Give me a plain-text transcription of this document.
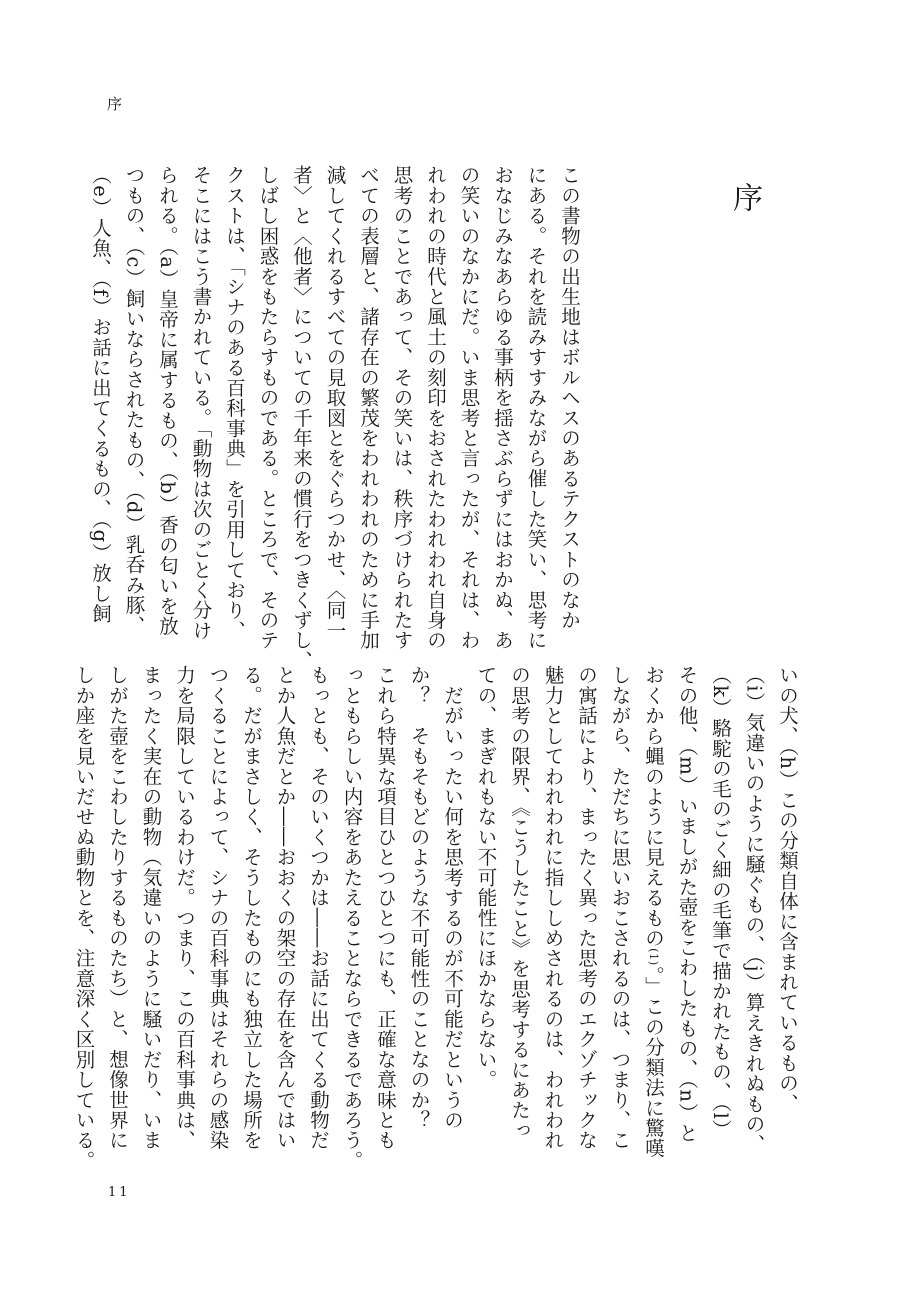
序
序
この書物の出生地はボルヘスのあるテクストのなか
にある。それを読みすすみながら催した笑い、思考に
おなじみなあらゆる事柄を揺さぶらずにはおかぬ、あ
の笑いのなかにだ。いま思考と言ったが、それは、わ
れわれの時代と風土の刻印をおされたわれわれ自身の
思考のことであって、その笑いは、秩序づけられたす
べての表層と、諸存在の繁茂をわれわれのために手加
減してくれるすべての見取図とをぐらつかせ、〈同一
者〉と〈他者〉についての千年来の慣行をつきくずし、
しばし困惑をもたらすものである。ところで、そのテ
クストは、「シナのある百科事典」を引用しており、
そこにはこう書かれている。「動物は次のごとく分け
られる。（a）皇帝に属するもの、（b）香の匂いを放
つもの、（c）飼いならされたもの、（d）乳呑み豚、
（e）人魚、（f）お話に出てくるもの、（g）放し飼
いの犬、（h）この分類自体に含まれているもの、
（i）気違いのように騒ぐもの、（j）算えきれぬもの、
（k）駱駝の毛のごく細の毛筆で描かれたもの、（l）
その他、（m）いましがた壺をこわしたもの、（n）と
おくから蝿のように見えるもの(1)。」この分類法に驚嘆
しながら、ただちに思いおこされるのは、つまり、こ
の寓話により、まったく異った思考のエクゾチックな
魅力としてわれわれに指ししめされるのは、われわれ
の思考の限界、《こうしたこと》を思考するにあたっ
ての、まぎれもない不可能性にほかならない。
　だがいったい何を思考するのが不可能だというの
か？　そもそもどのような不可能性のことなのか？
これら特異な項目ひとつひとつにも、正確な意味とも
っともらしい内容をあたえることならできるであろう。
もっとも、そのいくつかは――お話に出てくる動物だ
とか人魚だとか――おおくの架空の存在を含んではい
る。だがまさしく、そうしたものにも独立した場所を
つくることによって、シナの百科事典はそれらの感染
力を局限しているわけだ。つまり、この百科事典は、
まったく実在の動物（気違いのように騒いだり、いま
しがた壺をこわしたりするものたち）と、想像世界に
しか座を見いだせぬ動物とを、注意深く区別している。
11
